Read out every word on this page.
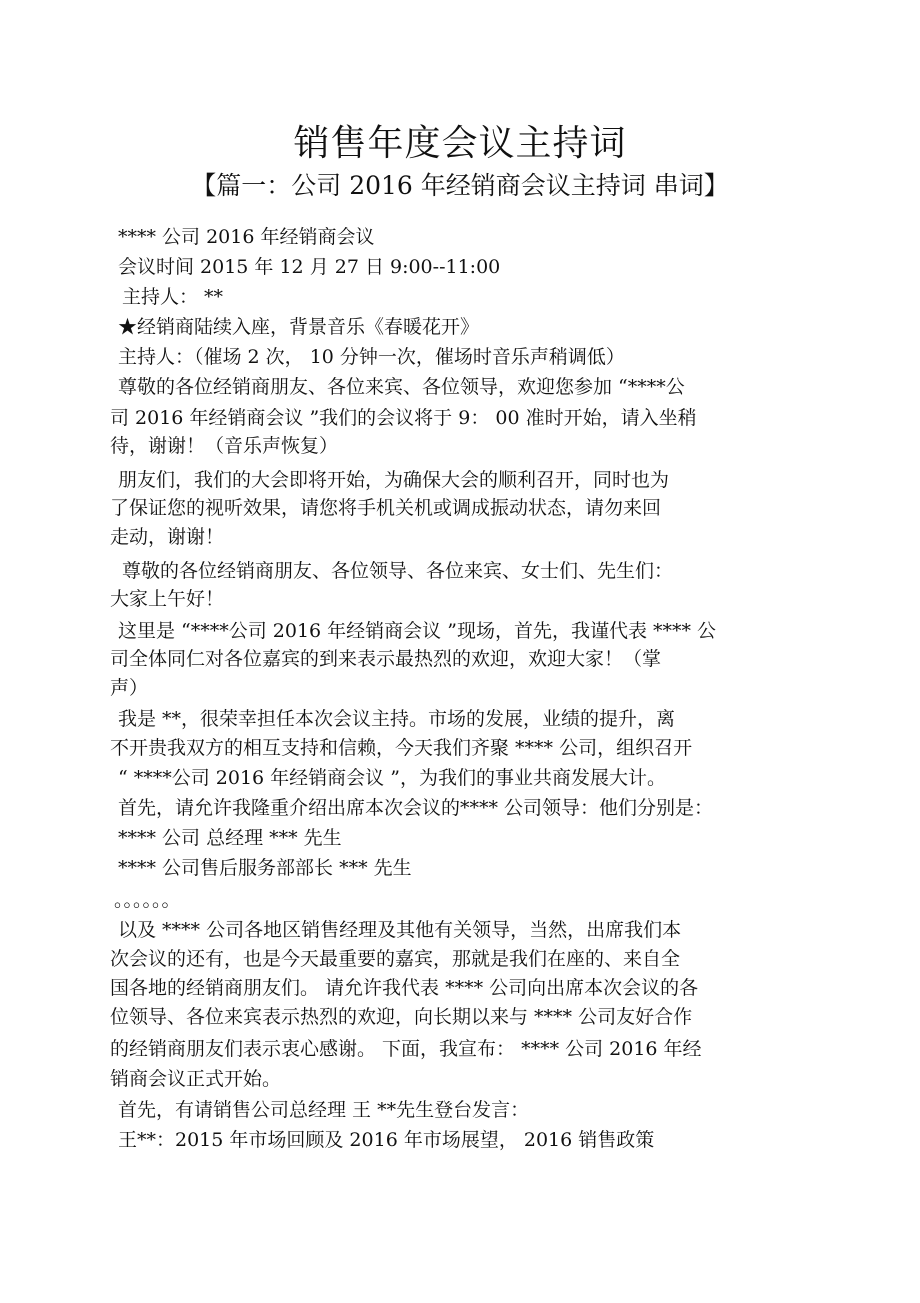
销售年度会议主持词
【篇一：公司 2016 年经销商会议主持词 串词】
**** 公司 2016 年经销商会议
会议时间 2015 年 12 月 27 日 9:00--11:00
主持人： **
★经销商陆续入座，背景音乐《春暖花开》
主持人：（催场 2 次， 10 分钟一次，催场时音乐声稍调低）
尊敬的各位经销商朋友、各位来宾、各位领导，欢迎您参加 “****公
司 2016 年经销商会议 ”我们的会议将于 9： 00 准时开始，请入坐稍
待，谢谢！（音乐声恢复）
朋友们，我们的大会即将开始，为确保大会的顺利召开，同时也为
了保证您的视听效果，请您将手机关机或调成振动状态，请勿来回
走动，谢谢！
尊敬的各位经销商朋友、各位领导、各位来宾、女士们、先生们：
大家上午好！
这里是 “****公司 2016 年经销商会议 ”现场，首先，我谨代表 **** 公
司全体同仁对各位嘉宾的到来表示最热烈的欢迎，欢迎大家！（掌
声）
我是 **，很荣幸担任本次会议主持。市场的发展，业绩的提升，离
不开贵我双方的相互支持和信赖，今天我们齐聚 **** 公司，组织召开
“ ****公司 2016 年经销商会议 ”，为我们的事业共商发展大计。
首先，请允许我隆重介绍出席本次会议的**** 公司领导：他们分别是：
**** 公司 总经理 *** 先生
**** 公司售后服务部部长 *** 先生
。。。。。。
以及 **** 公司各地区销售经理及其他有关领导，当然，出席我们本
次会议的还有，也是今天最重要的嘉宾，那就是我们在座的、来自全
国各地的经销商朋友们。 请允许我代表 **** 公司向出席本次会议的各
位领导、各位来宾表示热烈的欢迎，向长期以来与 **** 公司友好合作
的经销商朋友们表示衷心感谢。 下面，我宣布： **** 公司 2016 年经
销商会议正式开始。
首先，有请销售公司总经理 王 **先生登台发言：
王**：2015 年市场回顾及 2016 年市场展望， 2016 销售政策
